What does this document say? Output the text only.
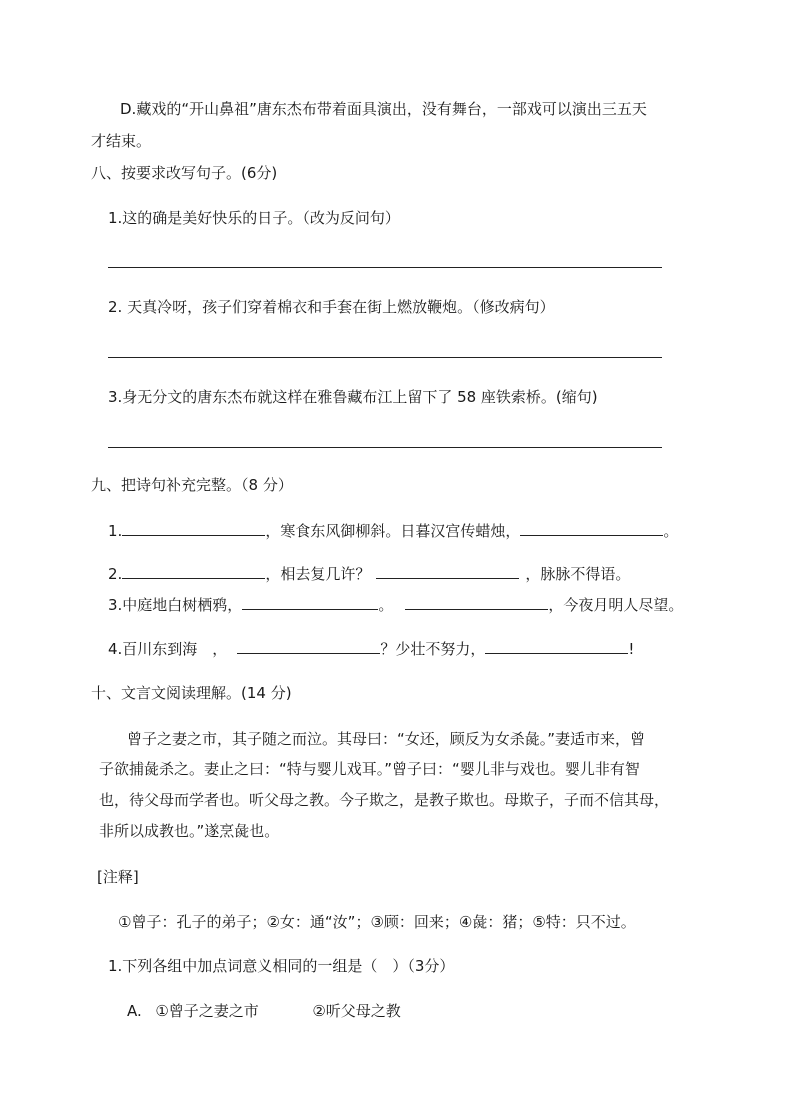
D.藏戏的“开山鼻祖”唐东杰布带着面具演出，没有舞台，一部戏可以演出三五天
才结束。
八、按要求改写句子。(6分)
1.这的确是美好快乐的日子。（改为反问句）
2. 天真冷呀，孩子们穿着棉衣和手套在街上燃放鞭炮。（修改病句）
3.身无分文的唐东杰布就这样在雅鲁藏布江上留下了 58 座铁索桥。(缩句)
九、把诗句补充完整。（8 分）
1.	，寒食东风御柳斜。日暮汉宫传蜡烛，	。
2.	，相去复几许？	，脉脉不得语。
3.中庭地白树栖鸦，	。	，今夜月明人尽望。
4.百川东到海　，	？少壮不努力，	!
十、文言文阅读理解。(14 分)
曾子之妻之市，其子随之而泣。其母曰：“女还，顾反为女杀彘。”妻适市来，曾
子欲捕彘杀之。妻止之曰：“特与婴儿戏耳。”曾子曰：“婴儿非与戏也。婴儿非有智
也，待父母而学者也。听父母之教。今子欺之，是教子欺也。母欺子，子而不信其母，
非所以成教也。”遂烹彘也。
[注释]
①曾子：孔子的弟子；②女：通“汝”；③顾：回来；④彘：猪；⑤特：只不过。
1.下列各组中加点词意义相同的一组是（　）（3分）
A. ①曾子之妻之市	②听父母之教
